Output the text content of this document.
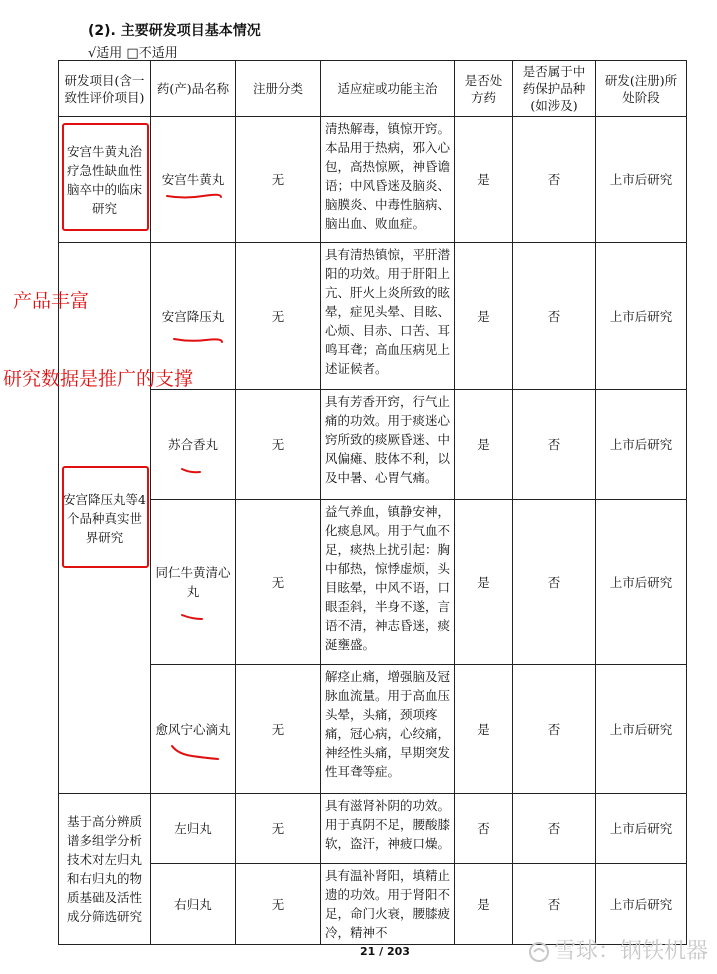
(2). 主要研发项目基本情况
√适用 □不适用
研发项目(含一致性评价项目)	药(产)品名称	注册分类	适应症或功能主治	是否处方药	是否属于中药保护品种(如涉及)	研发(注册)所处阶段
安宫牛黄丸治疗急性缺血性脑卒中的临床研究	安宫牛黄丸	无	清热解毒，镇惊开窍。本品用于热病，邪入心包，高热惊厥，神昏谵语；中风昏迷及脑炎、脑膜炎、中毒性脑病、脑出血、败血症。	是	否	上市后研究
安宫降压丸等4个品种真实世界研究	安宫降压丸	无	具有清热镇惊，平肝潜阳的功效。用于肝阳上亢、肝火上炎所致的眩晕，症见头晕、目眩、心烦、目赤、口苦、耳鸣耳聋；高血压病见上述证候者。	是	否	上市后研究
	苏合香丸	无	具有芳香开窍，行气止痛的功效。用于痰迷心窍所致的痰厥昏迷、中风偏瘫、肢体不利，以及中暑、心胃气痛。	是	否	上市后研究
	同仁牛黄清心丸	无	益气养血，镇静安神，化痰息风。用于气血不足，痰热上扰引起：胸中郁热，惊悸虚烦，头目眩晕，中风不语，口眼歪斜，半身不遂，言语不清，神志昏迷，痰涎壅盛。	是	否	上市后研究
	愈风宁心滴丸	无	解痉止痛，增强脑及冠脉血流量。用于高血压头晕，头痛，颈项疼痛，冠心病，心绞痛，神经性头痛，早期突发性耳聋等症。	是	否	上市后研究
基于高分辨质谱多组学分析技术对左归丸和右归丸的物质基础及活性成分筛选研究	左归丸	无	具有滋肾补阴的功效。用于真阴不足，腰酸膝软，盗汗，神疲口燥。	否	否	上市后研究
	右归丸	无	具有温补肾阳，填精止遗的功效。用于肾阳不足，命门火衰，腰膝疲冷，精神不	是	否	上市后研究
产品丰富
研究数据是推广的支撑
21 / 203	雪球：钢铁机器
